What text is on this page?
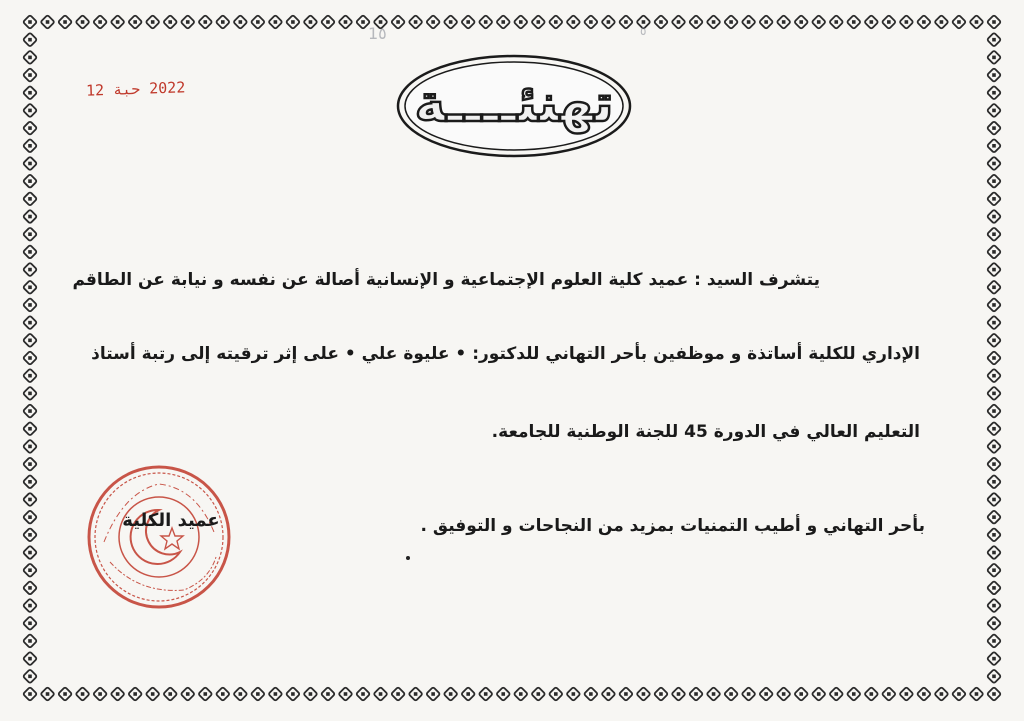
1٥	٥
2022 حبة 12	تهنئــــة
يتشرف السيد : عميد كلية العلوم الإجتماعية و الإنسانية أصالة عن نفسه و نيابة عن الطاقم
الإداري للكلية أساتذة و موظفين بأحر التهاني للدكتور: • عليوة علي • على إثر ترقيته إلى رتبة أستاذ
التعليم العالي في الدورة 45 للجنة الوطنية للجامعة.
بأحر التهاني و أطيب التمنيات بمزيد من النجاحات و التوفيق .
عميد الكلية
